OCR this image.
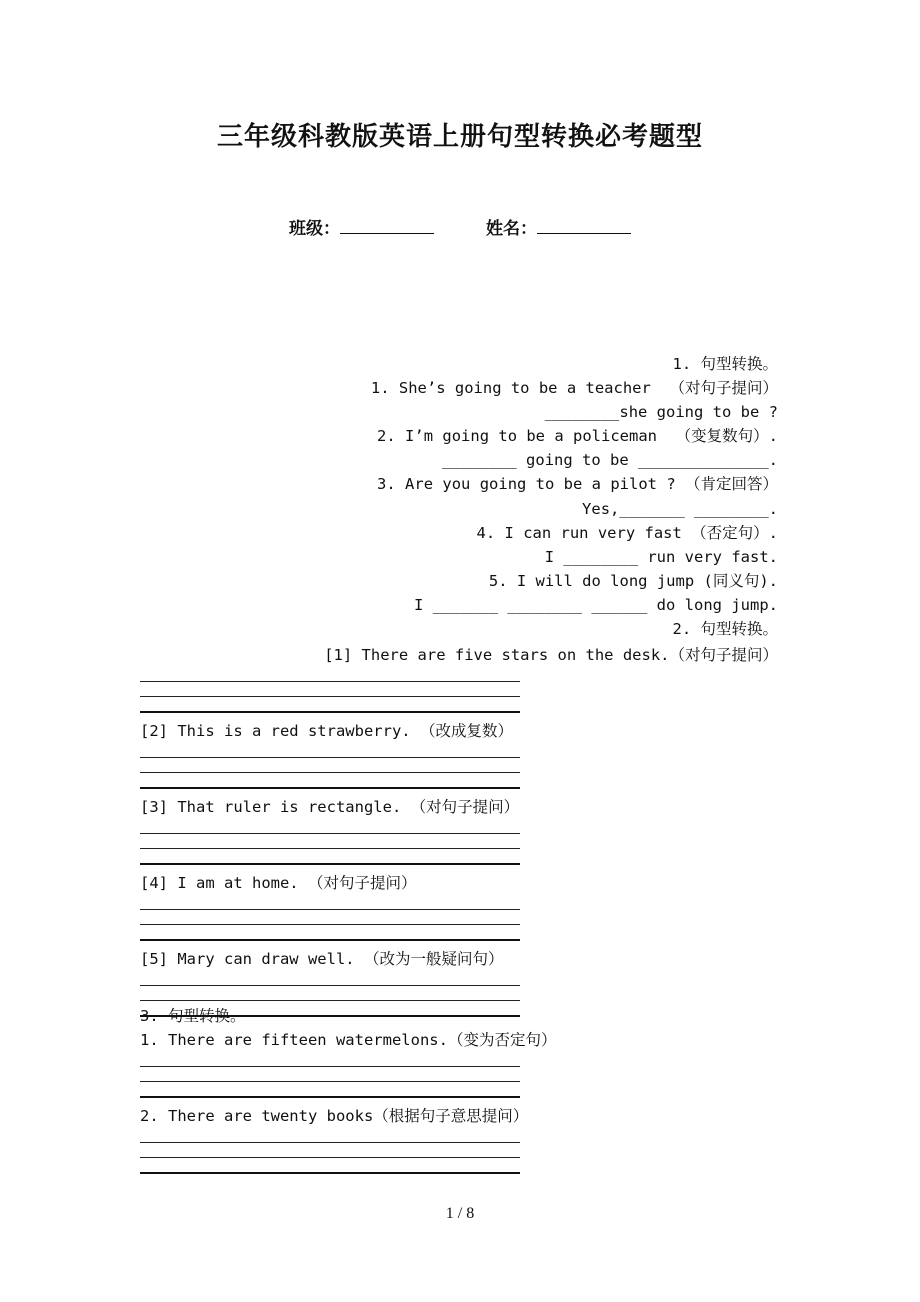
三年级科教版英语上册句型转换必考题型
班级：	姓名：
1. 句型转换。
1. She’s going to be a teacher  （对句子提问）
________she going to be ?
2. I’m going to be a policeman  （变复数句）.
________ going to be ______________.
3. Are you going to be a pilot ? （肯定回答）
Yes,_______ ________.
4. I can run very fast （否定句）.
I ________ run very fast.
5. I will do long jump (同义句).
I _______ ________ ______ do long jump.
2. 句型转换。
[1] There are five stars on the desk.（对句子提问）
[2] This is a red strawberry. （改成复数）
[3] That ruler is rectangle. （对句子提问）
[4] I am at home. （对句子提问）
[5] Mary can draw well. （改为一般疑问句）
3. 句型转换。
1. There are fifteen watermelons.（变为否定句）
2. There are twenty books（根据句子意思提问）
1 / 8
